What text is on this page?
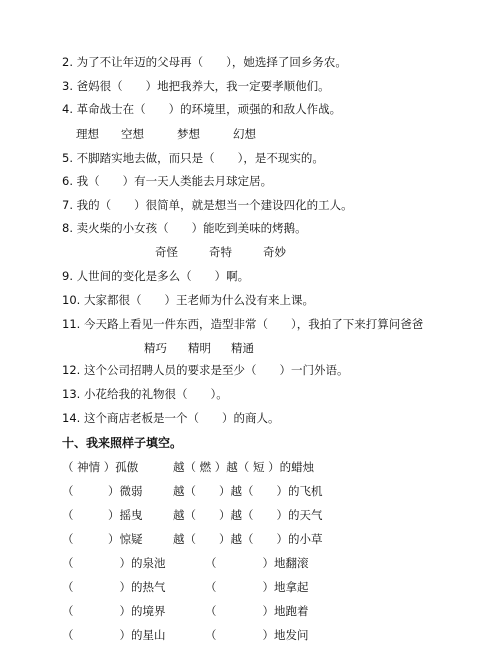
2. 为了不让年迈的父母再（　　），她选择了回乡务农。
3. 爸妈很（　　）地把我养大，我一定要孝顺他们。
4. 革命战士在（　　）的环境里，顽强的和敌人作战。
理想 空想	梦想	幻想
5. 不脚踏实地去做，而只是（　　），是不现实的。
6. 我（　　）有一天人类能去月球定居。
7. 我的（　　）很简单，就是想当一个建设四化的工人。
8. 卖火柴的小女孩（　　）能吃到美味的烤鹅。
奇怪	奇特	奇妙
9. 人世间的变化是多么（　　）啊。
10. 大家都很（　　）王老师为什么没有来上课。
11. 今天路上看见一件东西，造型非常（　　），我拍了下来打算问爸爸
精巧 精明 精通
12. 这个公司招聘人员的要求是至少（　　）一门外语。
13. 小花给我的礼物很（　　）。
14. 这个商店老板是一个（　　）的商人。
十、我来照样子填空。
（ 神情 ）孤傲	越（ 燃 ）越（ 短 ）的蜡烛
（　　　）微弱	越（　　）越（　　）的飞机
（　　　）摇曳	越（　　）越（　　）的天气
（　　　）惊疑	越（　　）越（　　）的小草
（　　　　）的泉池	（　　　　）地翻滚
（　　　　）的热气	（　　　　）地拿起
（　　　　）的境界	（　　　　）地跑着
（　　　　）的星山	（　　　　）地发问
